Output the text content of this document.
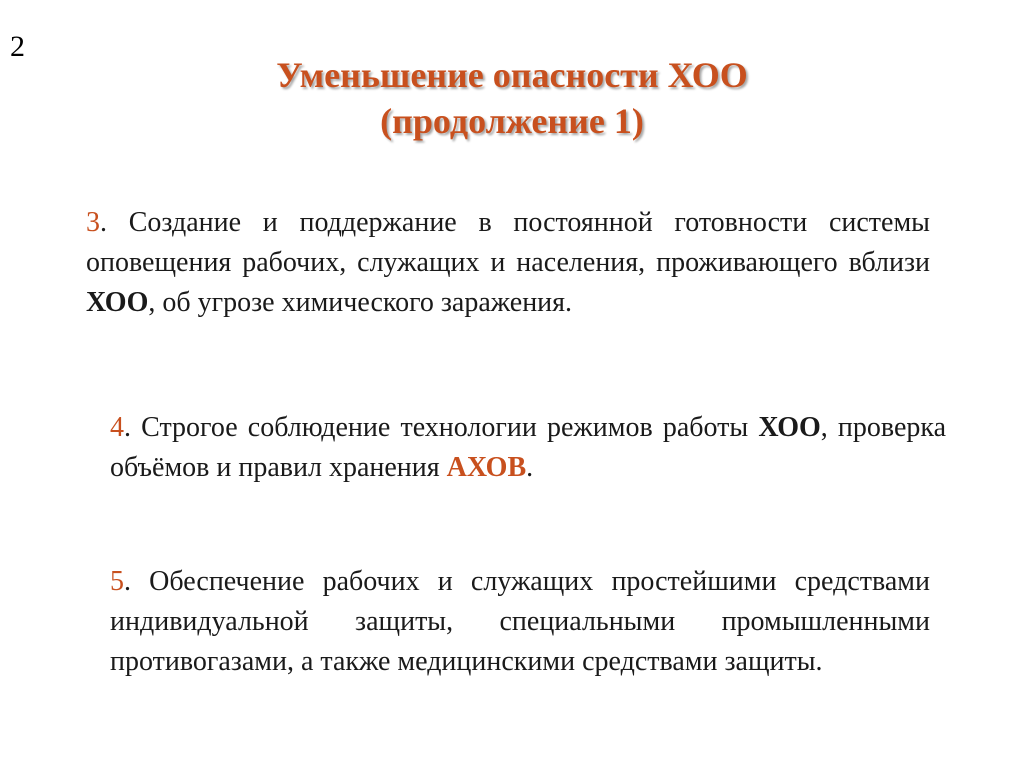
2
Уменьшение опасности ХОО
(продолжение 1)
3. Создание и поддержание в постоянной готовности системы оповещения рабочих, служащих и населения, проживающего вблизи ХОО, об угрозе химического заражения.
4. Строгое соблюдение технологии режимов работы ХОО, проверка объёмов и правил хранения АХОВ.
5. Обеспечение рабочих и служащих простейшими средствами индивидуальной защиты, специальными промышленными противогазами, а также медицинскими средствами защиты.
